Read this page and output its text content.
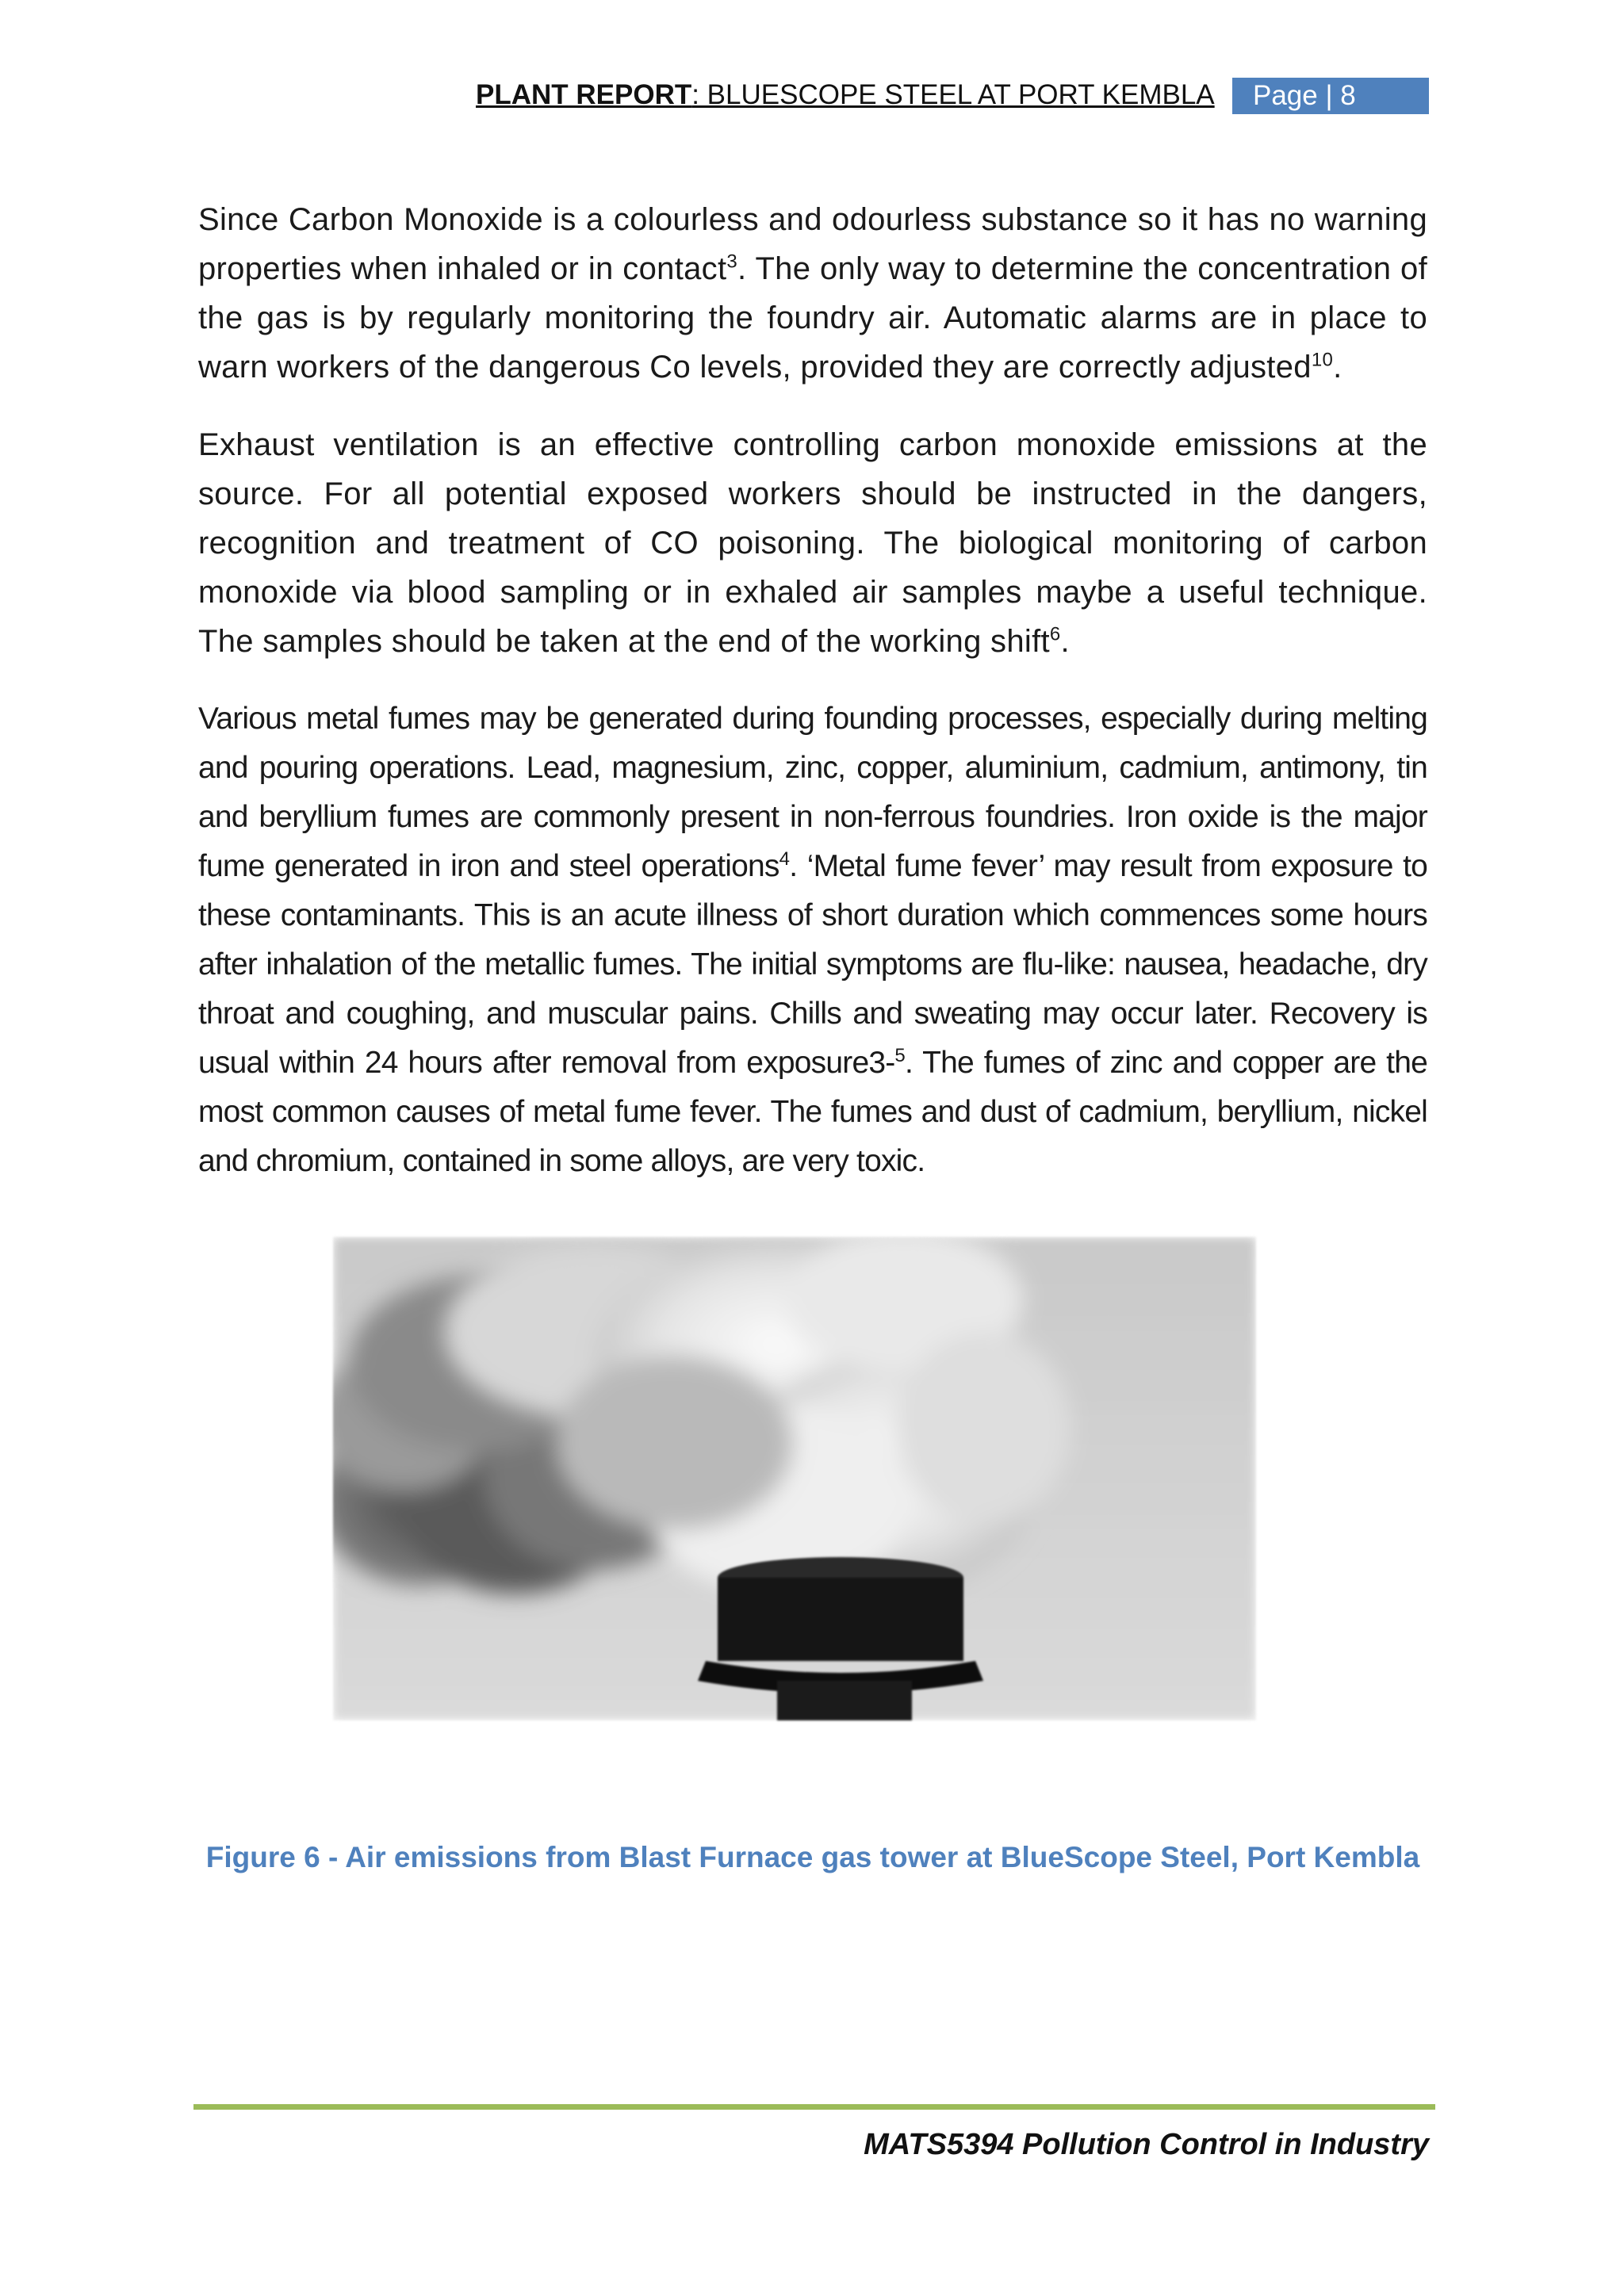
PLANT REPORT: BLUESCOPE STEEL AT PORT KEMBLA	Page | 8

Since Carbon Monoxide is a colourless and odourless substance so it has no warning properties when inhaled or in contact$^3$. The only way to determine the concentration of the gas is by regularly monitoring the foundry air. Automatic alarms are in place to warn workers of the dangerous Co levels, provided they are correctly adjusted$^{10}$.

Exhaust ventilation is an effective controlling carbon monoxide emissions at the source. For all potential exposed workers should be instructed in the dangers, recognition and treatment of CO poisoning. The biological monitoring of carbon monoxide via blood sampling or in exhaled air samples maybe a useful technique. The samples should be taken at the end of the working shift$^6$.

Various metal fumes may be generated during founding processes, especially during melting and pouring operations. Lead, magnesium, zinc, copper, aluminium, cadmium, antimony, tin and beryllium fumes are commonly present in non-ferrous foundries. Iron oxide is the major fume generated in iron and steel operations$^4$. ‘Metal fume fever’ may result from exposure to these contaminants. This is an acute illness of short duration which commences some hours after inhalation of the metallic fumes. The initial symptoms are flu-like: nausea, headache, dry throat and coughing, and muscular pains. Chills and sweating may occur later. Recovery is usual within 24 hours after removal from exposure3-$^5$. The fumes of zinc and copper are the most common causes of metal fume fever. The fumes and dust of cadmium, beryllium, nickel and chromium, contained in some alloys, are very toxic.

Figure 6 - Air emissions from Blast Furnace gas tower at BlueScope Steel, Port Kembla
MATS5394 Pollution Control in Industry
